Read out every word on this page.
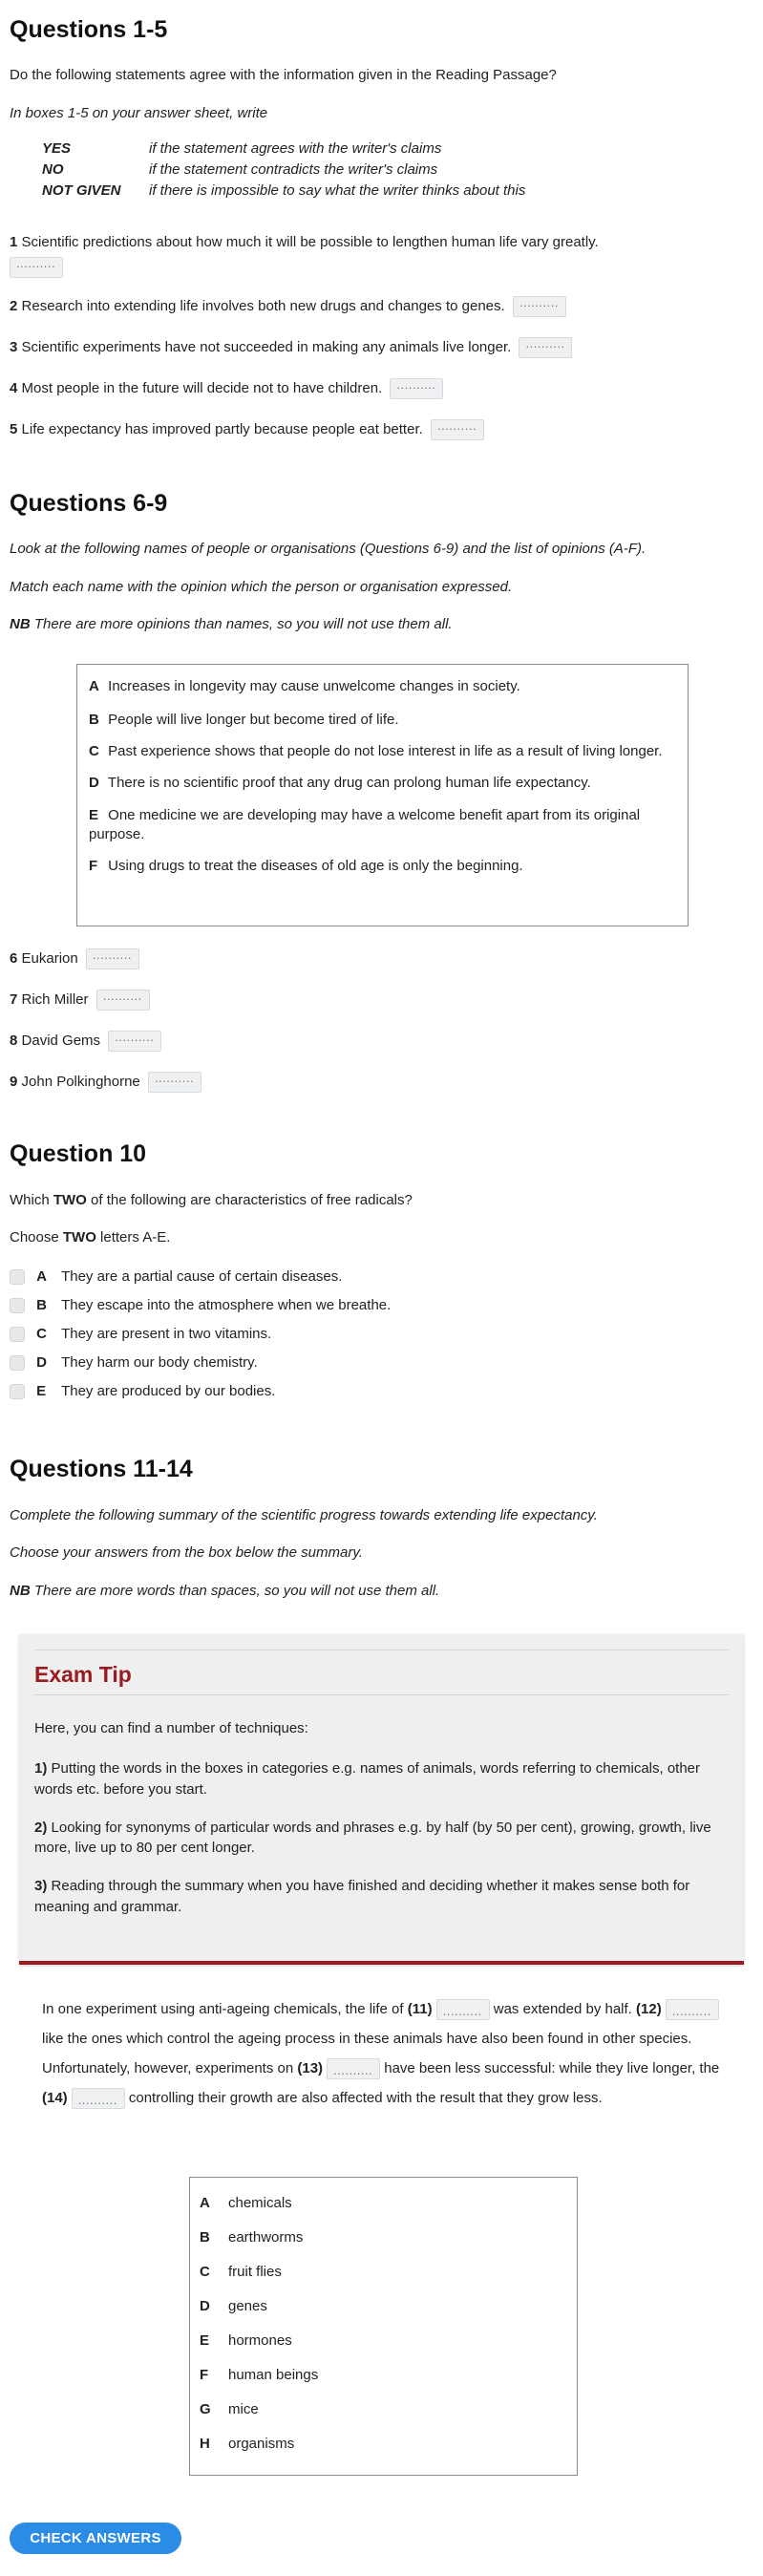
Questions 1-5

Do the following statements agree with the information given in the Reading Passage?

In boxes 1-5 on your answer sheet, write

YES	if the statement agrees with the writer's claims
NO	if the statement contradicts the writer's claims
NOT GIVEN	if there is impossible to say what the writer thinks about this
1 Scientific predictions about how much it will be possible to lengthen human life vary greatly.
.....
2 Research into extending life involves both new drugs and changes to genes. .....
3 Scientific experiments have not succeeded in making any animals live longer. .....
4 Most people in the future will decide not to have children. .....
5 Life expectancy has improved partly because people eat better. .....
Questions 6-9

Look at the following names of people or organisations (Questions 6-9) and the list of opinions (A-F).

Match each name with the opinion which the person or organisation expressed.

NB There are more opinions than names, so you will not use them all.

A Increases in longevity may cause unwelcome changes in society.
B People will live longer but become tired of life.
C Past experience shows that people do not lose interest in life as a result of living longer.
D There is no scientific proof that any drug can prolong human life expectancy.
E One medicine we are developing may have a welcome benefit apart from its original purpose.
F Using drugs to treat the diseases of old age is only the beginning.
6 Eukarion .....
7 Rich Miller .....
8 David Gems .....
9 John Polkinghorne .....
Question 10

Which TWO of the following are characteristics of free radicals?

Choose TWO letters A-E.

A They are a partial cause of certain diseases.
B They escape into the atmosphere when we breathe.
C They are present in two vitamins.
D They harm our body chemistry.
E They are produced by our bodies.
Questions 11-14

Complete the following summary of the scientific progress towards extending life expectancy.

Choose your answers from the box below the summary.

NB There are more words than spaces, so you will not use them all.

Exam Tip

Here, you can find a number of techniques:

1) Putting the words in the boxes in categories e.g. names of animals, words referring to chemicals, other words etc. before you start.

2) Looking for synonyms of particular words and phrases e.g. by half (by 50 per cent), growing, growth, live more, live up to 80 per cent longer.

3) Reading through the summary when you have finished and deciding whether it makes sense both for meaning and grammar.

In one experiment using anti-ageing chemicals, the life of (11) .....	was extended by half. (12)..... like the ones which control the ageing process in these animals have also been found in other species. Unfortunately, however, experiments on (13) .....	have been less successful: while they live longer, the (14) .....	controlling their growth are also affected with the result that they grow less.

A chemicals
B earthworms
C fruit flies
D genes
E hormones
F human beings
G mice
H organisms
CHECK ANSWERS
